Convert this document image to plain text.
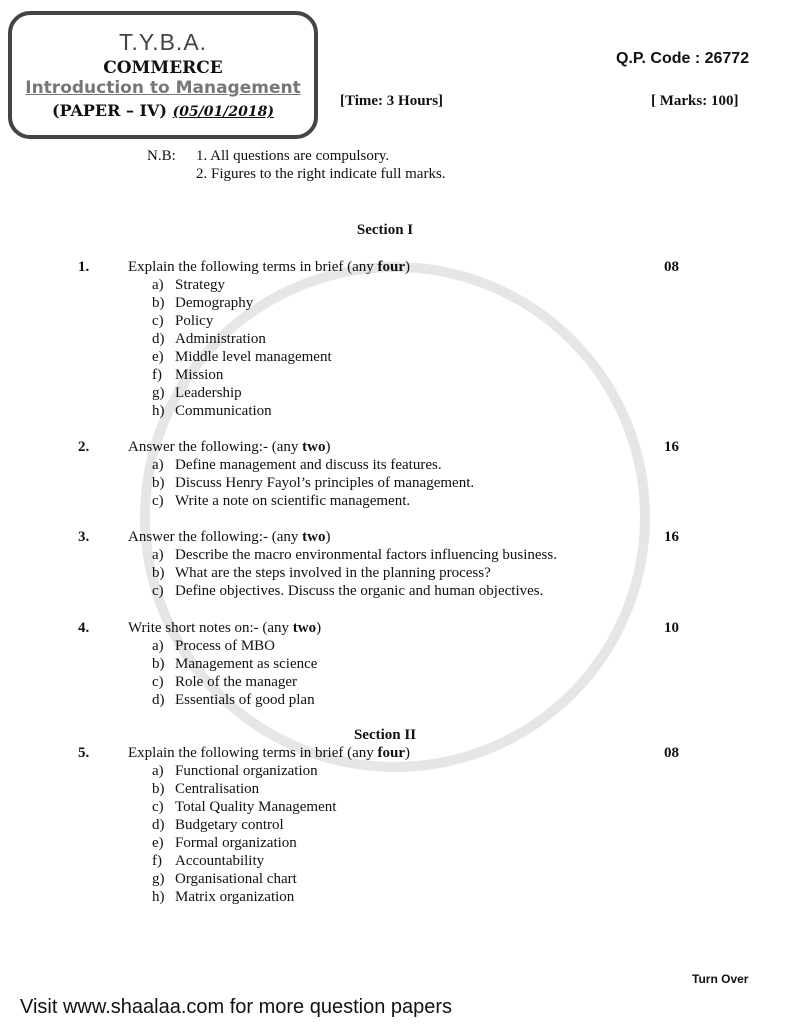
T.Y.B.A.
COMMERCE
Introduction to Management
(PAPER – IV) (05/01/2018)
Q.P. Code : 26772
[Time: 3 Hours]	[ Marks: 100]
N.B: 1. All questions are compulsory.
2. Figures to the right indicate full marks.
Section I
Section II
1.	Explain the following terms in brief (any four)	08
a) Strategy
b) Demography
c) Policy
d) Administration
e) Middle level management
f) Mission
g) Leadership
h) Communication
2.	Answer the following:- (any two)	16
a) Define management and discuss its features.
b) Discuss Henry Fayol’s principles of management.
c) Write a note on scientific management.
3.	Answer the following:- (any two)	16
a) Describe the macro environmental factors influencing business.
b) What are the steps involved in the planning process?
c) Define objectives. Discuss the organic and human objectives.
4.	Write short notes on:- (any two)	10
a) Process of MBO
b) Management as science
c) Role of the manager
d) Essentials of good plan
5.	Explain the following terms in brief (any four)	08
a) Functional organization
b) Centralisation
c) Total Quality Management
d) Budgetary control
e) Formal organization
f) Accountability
g) Organisational chart
h) Matrix organization
Turn Over
Visit www.shaalaa.com for more question papers
